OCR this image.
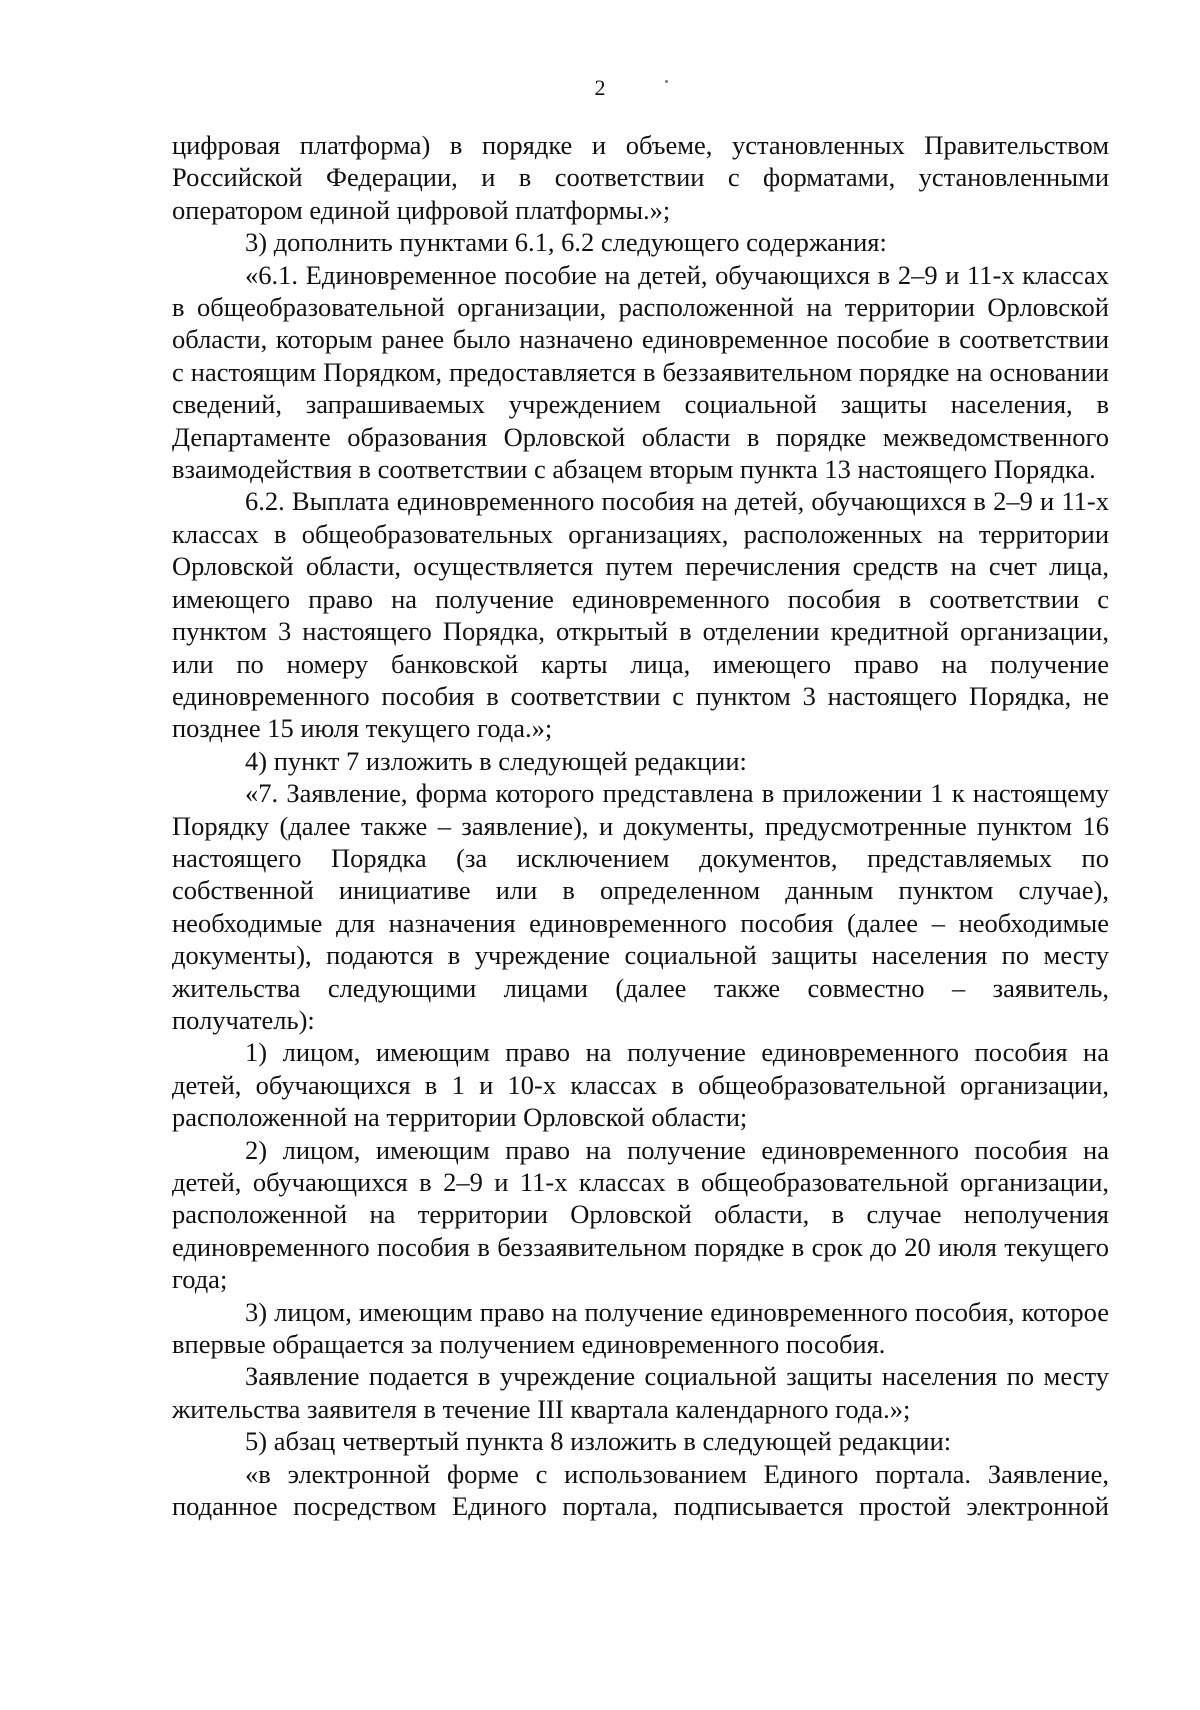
2

цифровая платформа) в порядке и объеме, установленных Правительством Российской Федерации, и в соответствии с форматами, установленными оператором единой цифровой платформы.»;

3) дополнить пунктами 6.1, 6.2 следующего содержания:

«6.1. Единовременное пособие на детей, обучающихся в 2–9 и 11-х классах в общеобразовательной организации, расположенной на территории Орловской области, которым ранее было назначено единовременное пособие в соответствии с настоящим Порядком, предоставляется в беззаявительном порядке на основании сведений, запрашиваемых учреждением социальной защиты населения, в Департаменте образования Орловской области в порядке межведомственного взаимодействия в соответствии с абзацем вторым пункта 13 настоящего Порядка.

6.2. Выплата единовременного пособия на детей, обучающихся в 2–9 и 11-х классах в общеобразовательных организациях, расположенных на территории Орловской области, осуществляется путем перечисления средств на счет лица, имеющего право на получение единовременного пособия в соответствии с пунктом 3 настоящего Порядка, открытый в отделении кредитной организации, или по номеру банковской карты лица, имеющего право на получение единовременного пособия в соответствии с пунктом 3 настоящего Порядка, не позднее 15 июля текущего года.»;

4) пункт 7 изложить в следующей редакции:

«7. Заявление, форма которого представлена в приложении 1 к настоящему Порядку (далее также – заявление), и документы, предусмотренные пунктом 16 настоящего Порядка (за исключением документов, представляемых по собственной инициативе или в определенном данным пунктом случае), необходимые для назначения единовременного пособия (далее – необходимые документы), подаются в учреждение социальной защиты населения по месту жительства следующими лицами (далее также совместно – заявитель, получатель):

1) лицом, имеющим право на получение единовременного пособия на детей, обучающихся в 1 и 10-х классах в общеобразовательной организации, расположенной на территории Орловской области;

2) лицом, имеющим право на получение единовременного пособия на детей, обучающихся в 2–9 и 11-х классах в общеобразовательной организации, расположенной на территории Орловской области, в случае неполучения единовременного пособия в беззаявительном порядке в срок до 20 июля текущего года;

3) лицом, имеющим право на получение единовременного пособия, которое впервые обращается за получением единовременного пособия.

Заявление подается в учреждение социальной защиты населения по месту жительства заявителя в течение III квартала календарного года.»;

5) абзац четвертый пункта 8 изложить в следующей редакции:

«в электронной форме с использованием Единого портала. Заявление, поданное посредством Единого портала, подписывается простой электронной
